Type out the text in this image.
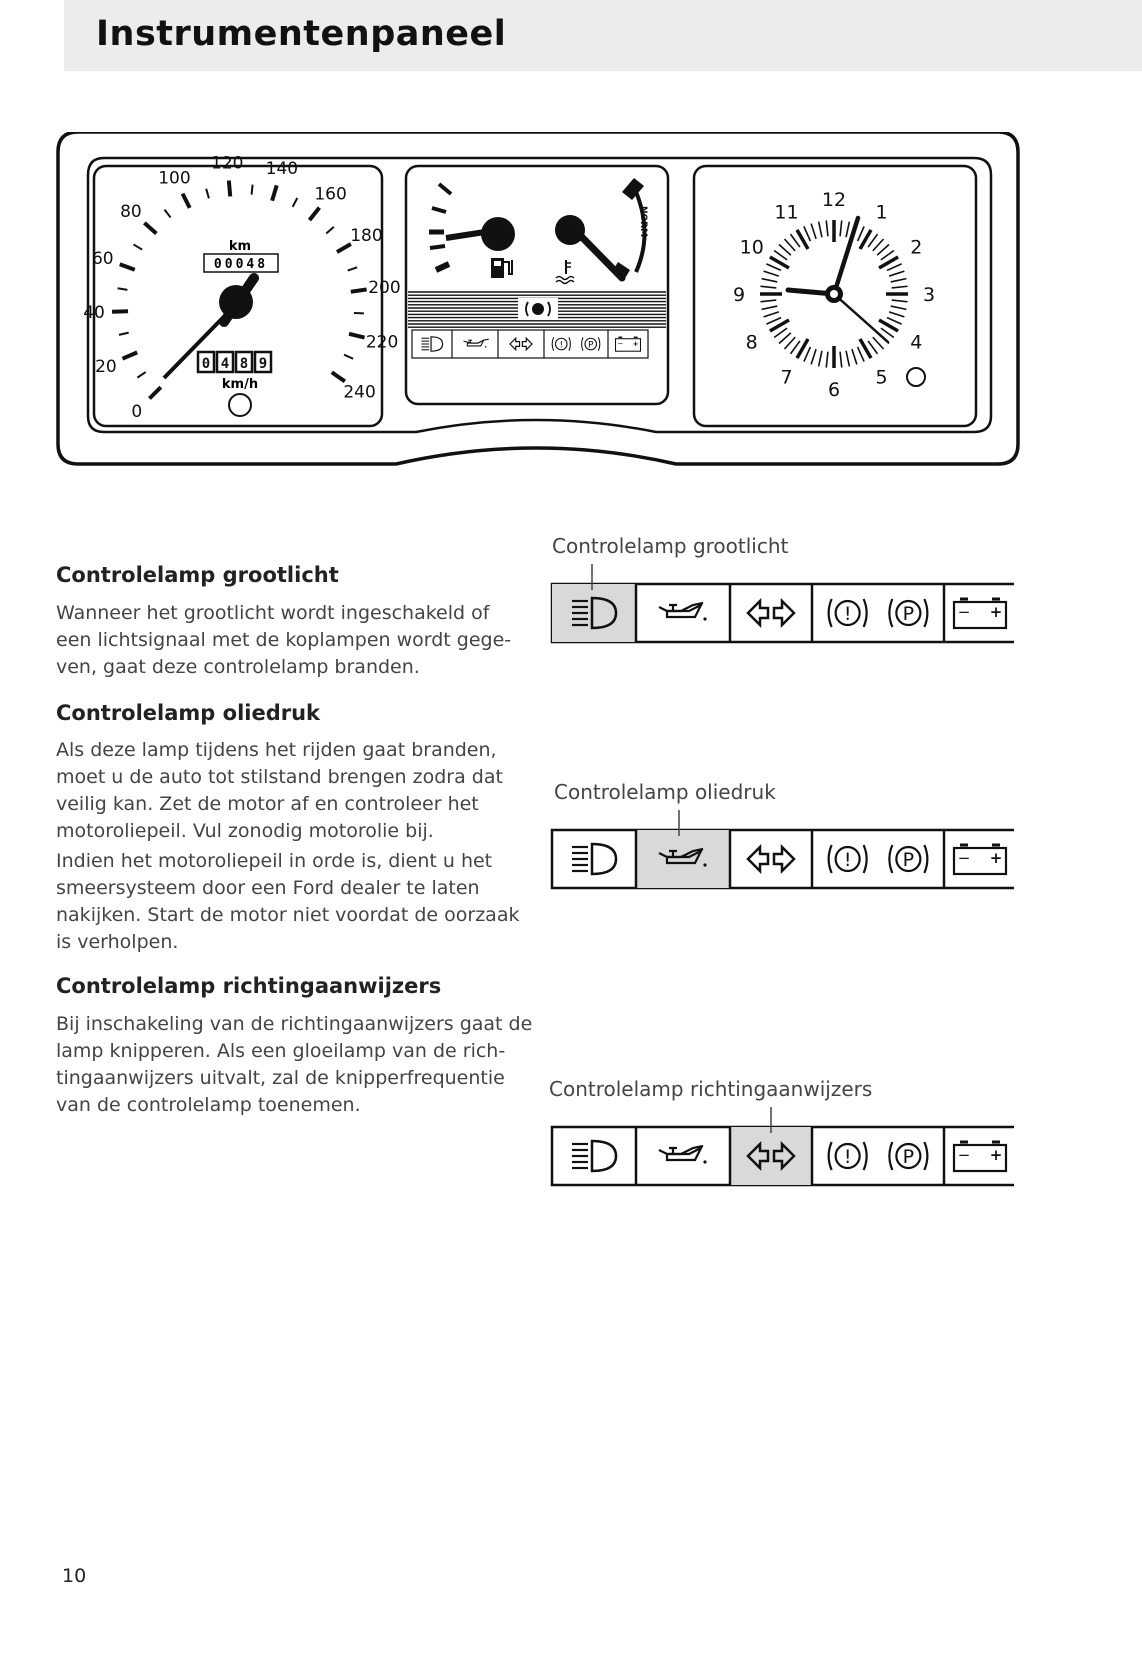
Instrumentenpaneel
0
20
40
60
80
100
120 140
160
180
200
220
240
km
00048
0 4 8 9
km/h
NORM
!	P	− +
12
1
2
3
4
5
6
7
8
9
10
11
Controlelamp grootlicht
Wanneer het grootlicht wordt ingeschakeld of
een lichtsignaal met de koplampen wordt gege-
ven, gaat deze controlelamp branden.
Controlelamp oliedruk
Als deze lamp tijdens het rijden gaat branden,
moet u de auto tot stilstand brengen zodra dat
veilig kan. Zet de motor af en controleer het
motoroliepeil. Vul zonodig motorolie bij.
Indien het motoroliepeil in orde is, dient u het
smeersysteem door een Ford dealer te laten
nakijken. Start de motor niet voordat de oorzaak
is verholpen.
Controlelamp richtingaanwijzers
Bij inschakeling van de richtingaanwijzers gaat de
lamp knipperen. Als een gloeilamp van de rich-
tingaanwijzers uitvalt, zal de knipperfrequentie
van de controlelamp toenemen.
Controlelamp grootlicht
!	P	− +
Controlelamp oliedruk
!	P	− +
Controlelamp richtingaanwijzers
!	P	− +
10
